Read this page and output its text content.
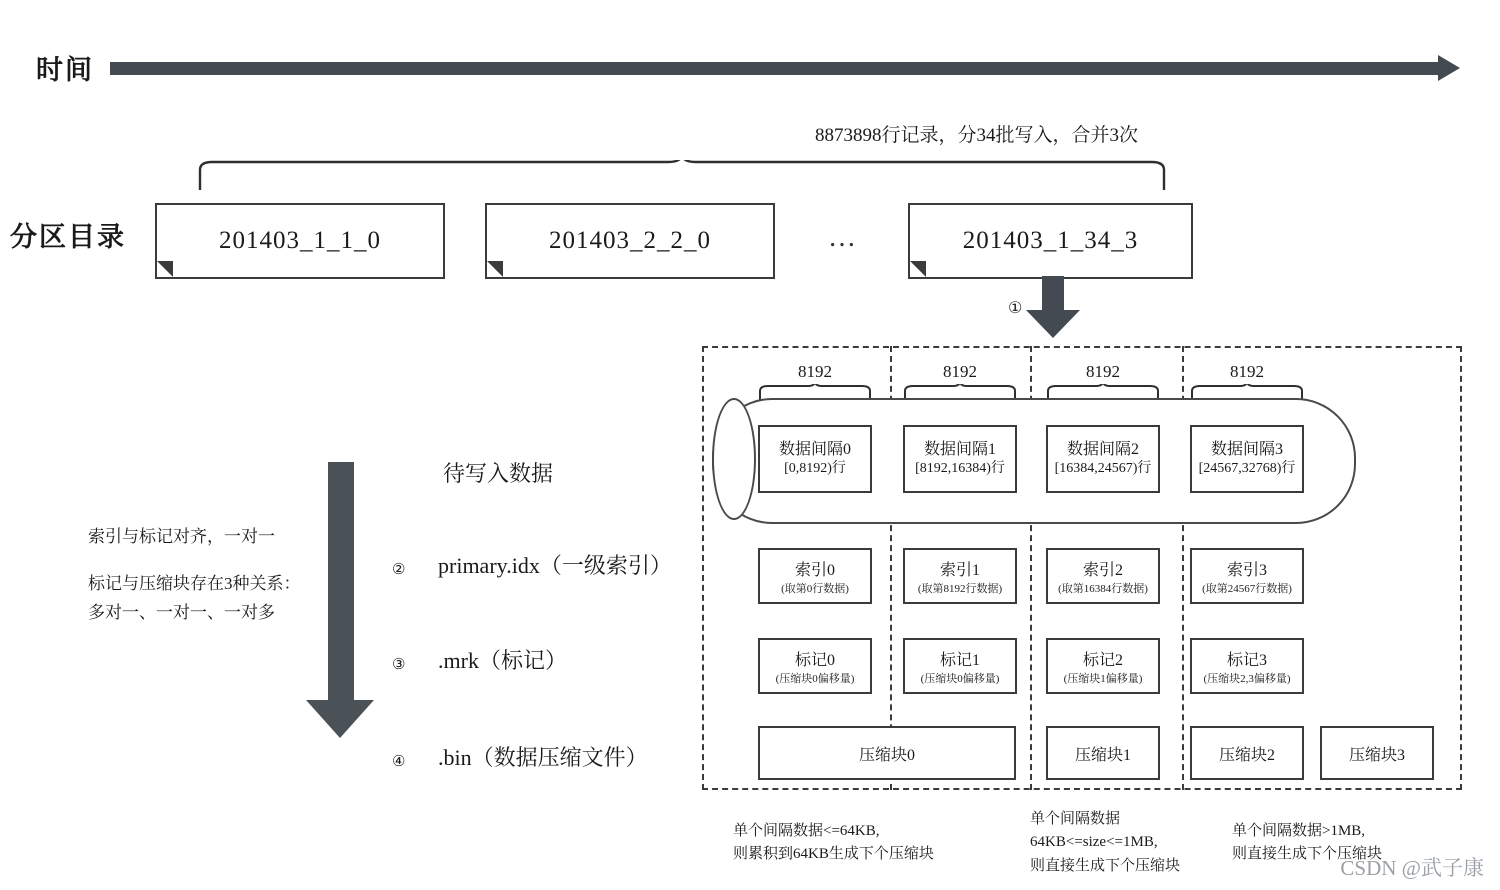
时间
8873898行记录，分34批写入，合并3次
分区目录	201403_1_1_0	201403_2_2_0	…	201403_1_34_3
①
8192	8192	8192	8192
数据间隔0
[0,8192)行
数据间隔1
[8192,16384)行
数据间隔2
[16384,24567)行
数据间隔3
[24567,32768)行
索引0
(取第0行数据)
索引1
(取第8192行数据)
索引2
(取第16384行数据)
索引3
(取第24567行数据)
标记0
(压缩块0偏移量)
标记1
(压缩块0偏移量)
标记2
(压缩块1偏移量)
标记3
(压缩块2,3偏移量)
压缩块0	压缩块1	压缩块2	压缩块3
待写入数据
索引与标记对齐，一对一
标记与压缩块存在3种关系：
多对一、一对一、一对多
② primary.idx（一级索引）
③ .mrk（标记）
④ .bin（数据压缩文件）
单个间隔数据<=64KB,
则累积到64KB生成下个压缩块
单个间隔数据
64KB<=size<=1MB,
则直接生成下个压缩块
单个间隔数据>1MB,
则直接生成下个压缩块
CSDN @武子康
